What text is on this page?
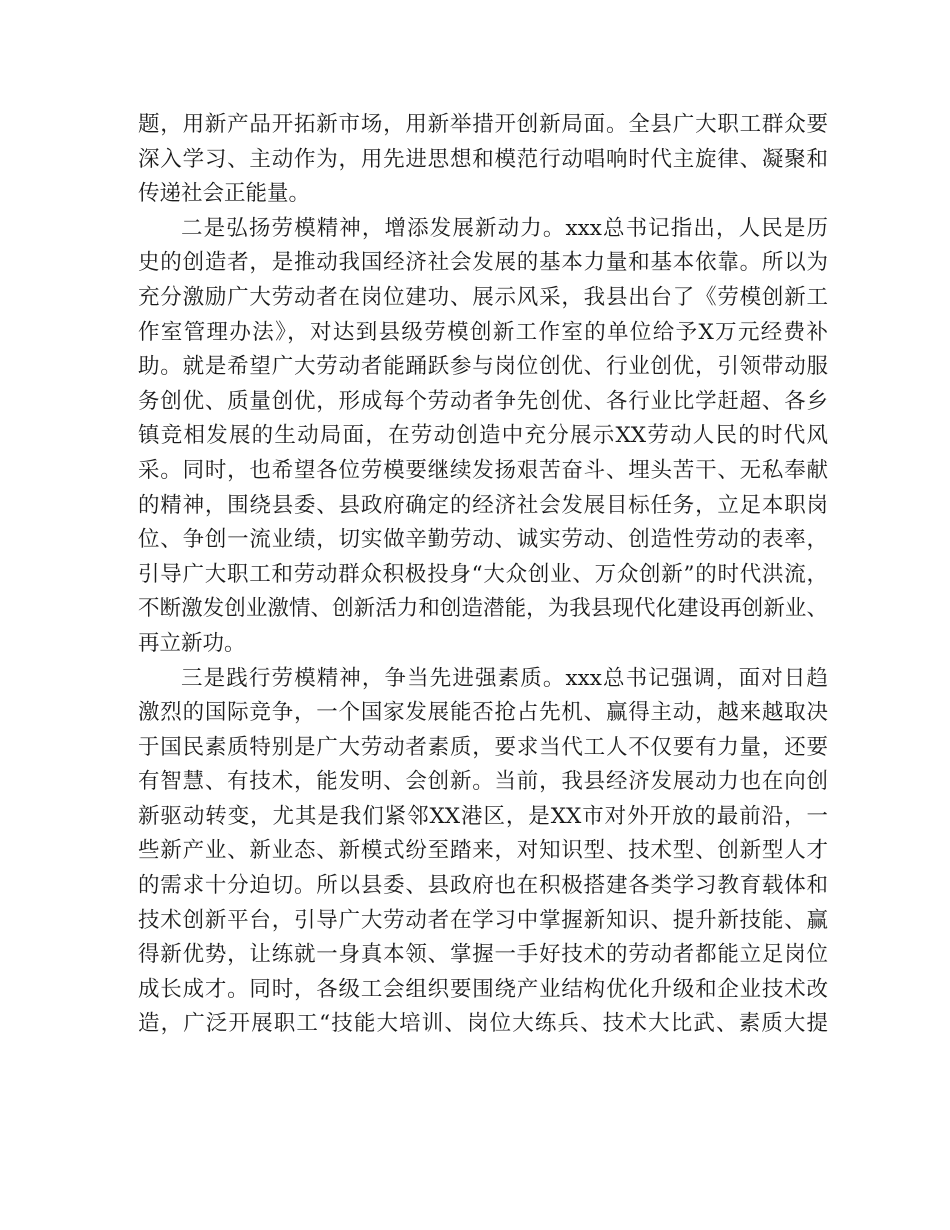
题，用新产品开拓新市场，用新举措开创新局面。全县广大职工群众要
深入学习、主动作为，用先进思想和模范行动唱响时代主旋律、凝聚和
传递社会正能量。
二是弘扬劳模精神，增添发展新动力。xxx总书记指出，人民是历
史的创造者，是推动我国经济社会发展的基本力量和基本依靠。所以为
充分激励广大劳动者在岗位建功、展示风采，我县出台了《劳模创新工
作室管理办法》，对达到县级劳模创新工作室的单位给予X万元经费补
助。就是希望广大劳动者能踊跃参与岗位创优、行业创优，引领带动服
务创优、质量创优，形成每个劳动者争先创优、各行业比学赶超、各乡
镇竞相发展的生动局面，在劳动创造中充分展示XX劳动人民的时代风
采。同时，也希望各位劳模要继续发扬艰苦奋斗、埋头苦干、无私奉献
的精神，围绕县委、县政府确定的经济社会发展目标任务，立足本职岗
位、争创一流业绩，切实做辛勤劳动、诚实劳动、创造性劳动的表率，
引导广大职工和劳动群众积极投身“大众创业、万众创新”的时代洪流，
不断激发创业激情、创新活力和创造潜能，为我县现代化建设再创新业、
再立新功。
三是践行劳模精神，争当先进强素质。xxx总书记强调，面对日趋
激烈的国际竞争，一个国家发展能否抢占先机、赢得主动，越来越取决
于国民素质特别是广大劳动者素质，要求当代工人不仅要有力量，还要
有智慧、有技术，能发明、会创新。当前，我县经济发展动力也在向创
新驱动转变，尤其是我们紧邻XX港区，是XX市对外开放的最前沿，一
些新产业、新业态、新模式纷至踏来，对知识型、技术型、创新型人才
的需求十分迫切。所以县委、县政府也在积极搭建各类学习教育载体和
技术创新平台，引导广大劳动者在学习中掌握新知识、提升新技能、赢
得新优势，让练就一身真本领、掌握一手好技术的劳动者都能立足岗位
成长成才。同时，各级工会组织要围绕产业结构优化升级和企业技术改
造，广泛开展职工“技能大培训、岗位大练兵、技术大比武、素质大提
